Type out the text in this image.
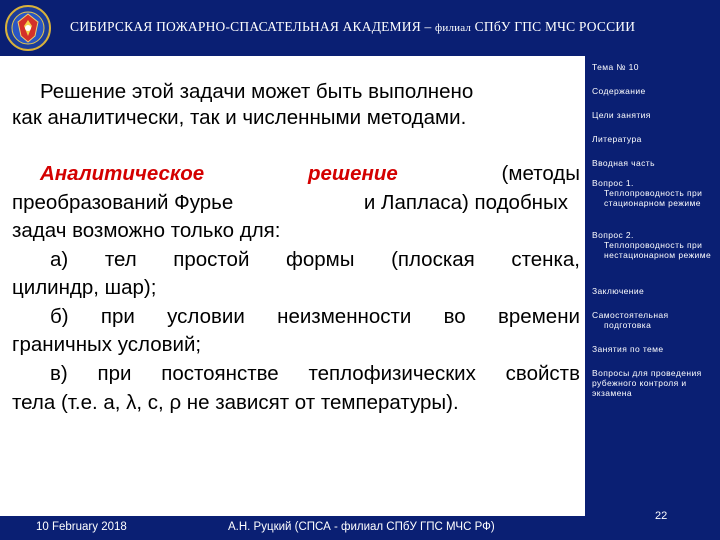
СИБИРСКАЯ ПОЖАРНО-СПАСАТЕЛЬНАЯ АКАДЕМИЯ – филиал СПбУ ГПС МЧС РОССИИ
Решение этой задачи может быть выполнено
как аналитически, так и численными методами.
Аналитическое	решение	(методы
преобразований Фурье	и Лапласа) подобных
задач возможно только для:
а) тел простой формы (плоская стенка,
цилиндр, шар);
б) при условии неизменности во времени
граничных условий;
в) при постоянстве теплофизических свойств
тела (т.е. a, λ, c, ρ не зависят от температуры).
Тема № 10
Содержание
Цели занятия
Литература
Вводная часть
Вопрос 1.
Теплопроводность при стационарном режиме
Вопрос 2.
Теплопроводность при нестационарном режиме
Заключение
Самостоятельная
подготовка
Занятия по теме
Вопросы для проведения рубежного контроля и экзамена
10 February 2018	А.Н. Руцкий (СПСА - филиал СПбУ ГПС МЧС РФ)
22
